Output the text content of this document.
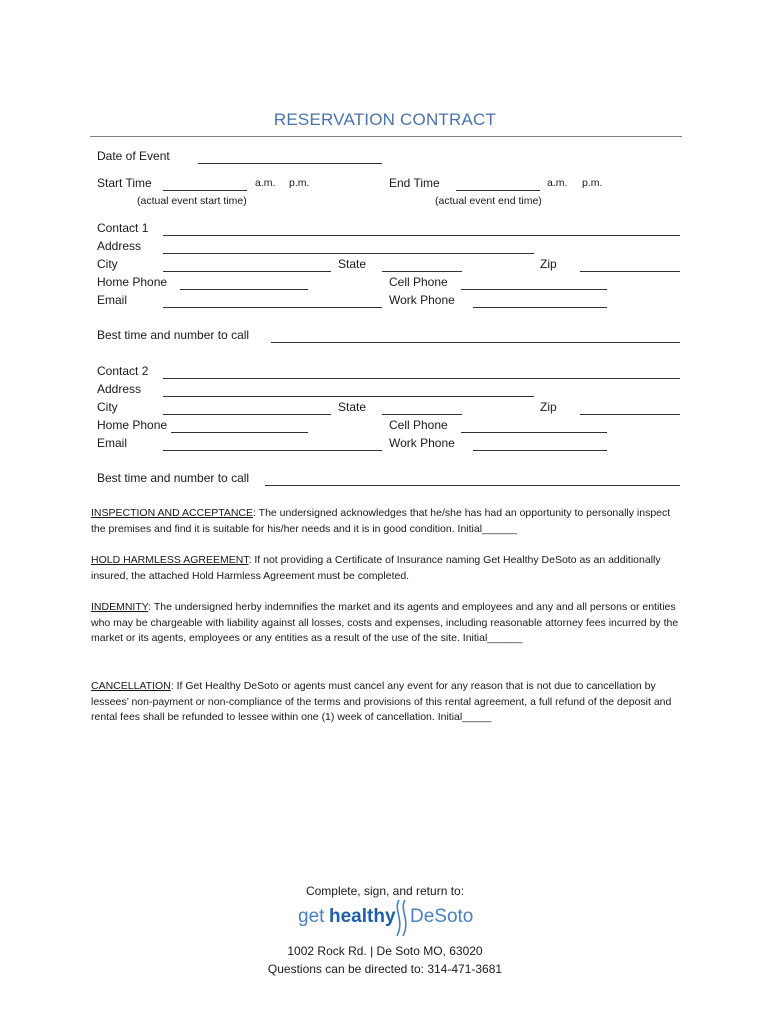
RESERVATION CONTRACT
Date of Event
Start Time	a.m. p.m.
(actual event start time)
End Time	a.m. p.m.
(actual event end time)
Contact 1
Address
City	State	Zip
Home Phone	Cell Phone
Email	Work Phone
Best time and number to call
Contact 2
Address
City	State	Zip
Home Phone	Cell Phone
Email	Work Phone
Best time and number to call
INSPECTION AND ACCEPTANCE: The undersigned acknowledges that he/she has had an opportunity to personally inspect the premises and find it is suitable for his/her needs and it is in good condition. Initial______
HOLD HARMLESS AGREEMENT: If not providing a Certificate of Insurance naming Get Healthy DeSoto as an additionally insured, the attached Hold Harmless Agreement must be completed.
INDEMNITY: The undersigned herby indemnifies the market and its agents and employees and any and all persons or entities who may be chargeable with liability against all losses, costs and expenses, including reasonable attorney fees incurred by the market or its agents, employees or any entities as a result of the use of the site. Initial______
CANCELLATION: If Get Healthy DeSoto or agents must cancel any event for any reason that is not due to cancellation by lessees’ non-payment or non-compliance of the terms and provisions of this rental agreement, a full refund of the deposit and rental fees shall be refunded to lessee within one (1) week of cancellation. Initial_____
Complete, sign, and return to:
get healthy DeSoto
1002 Rock Rd. | De Soto MO, 63020
Questions can be directed to: 314-471-3681
